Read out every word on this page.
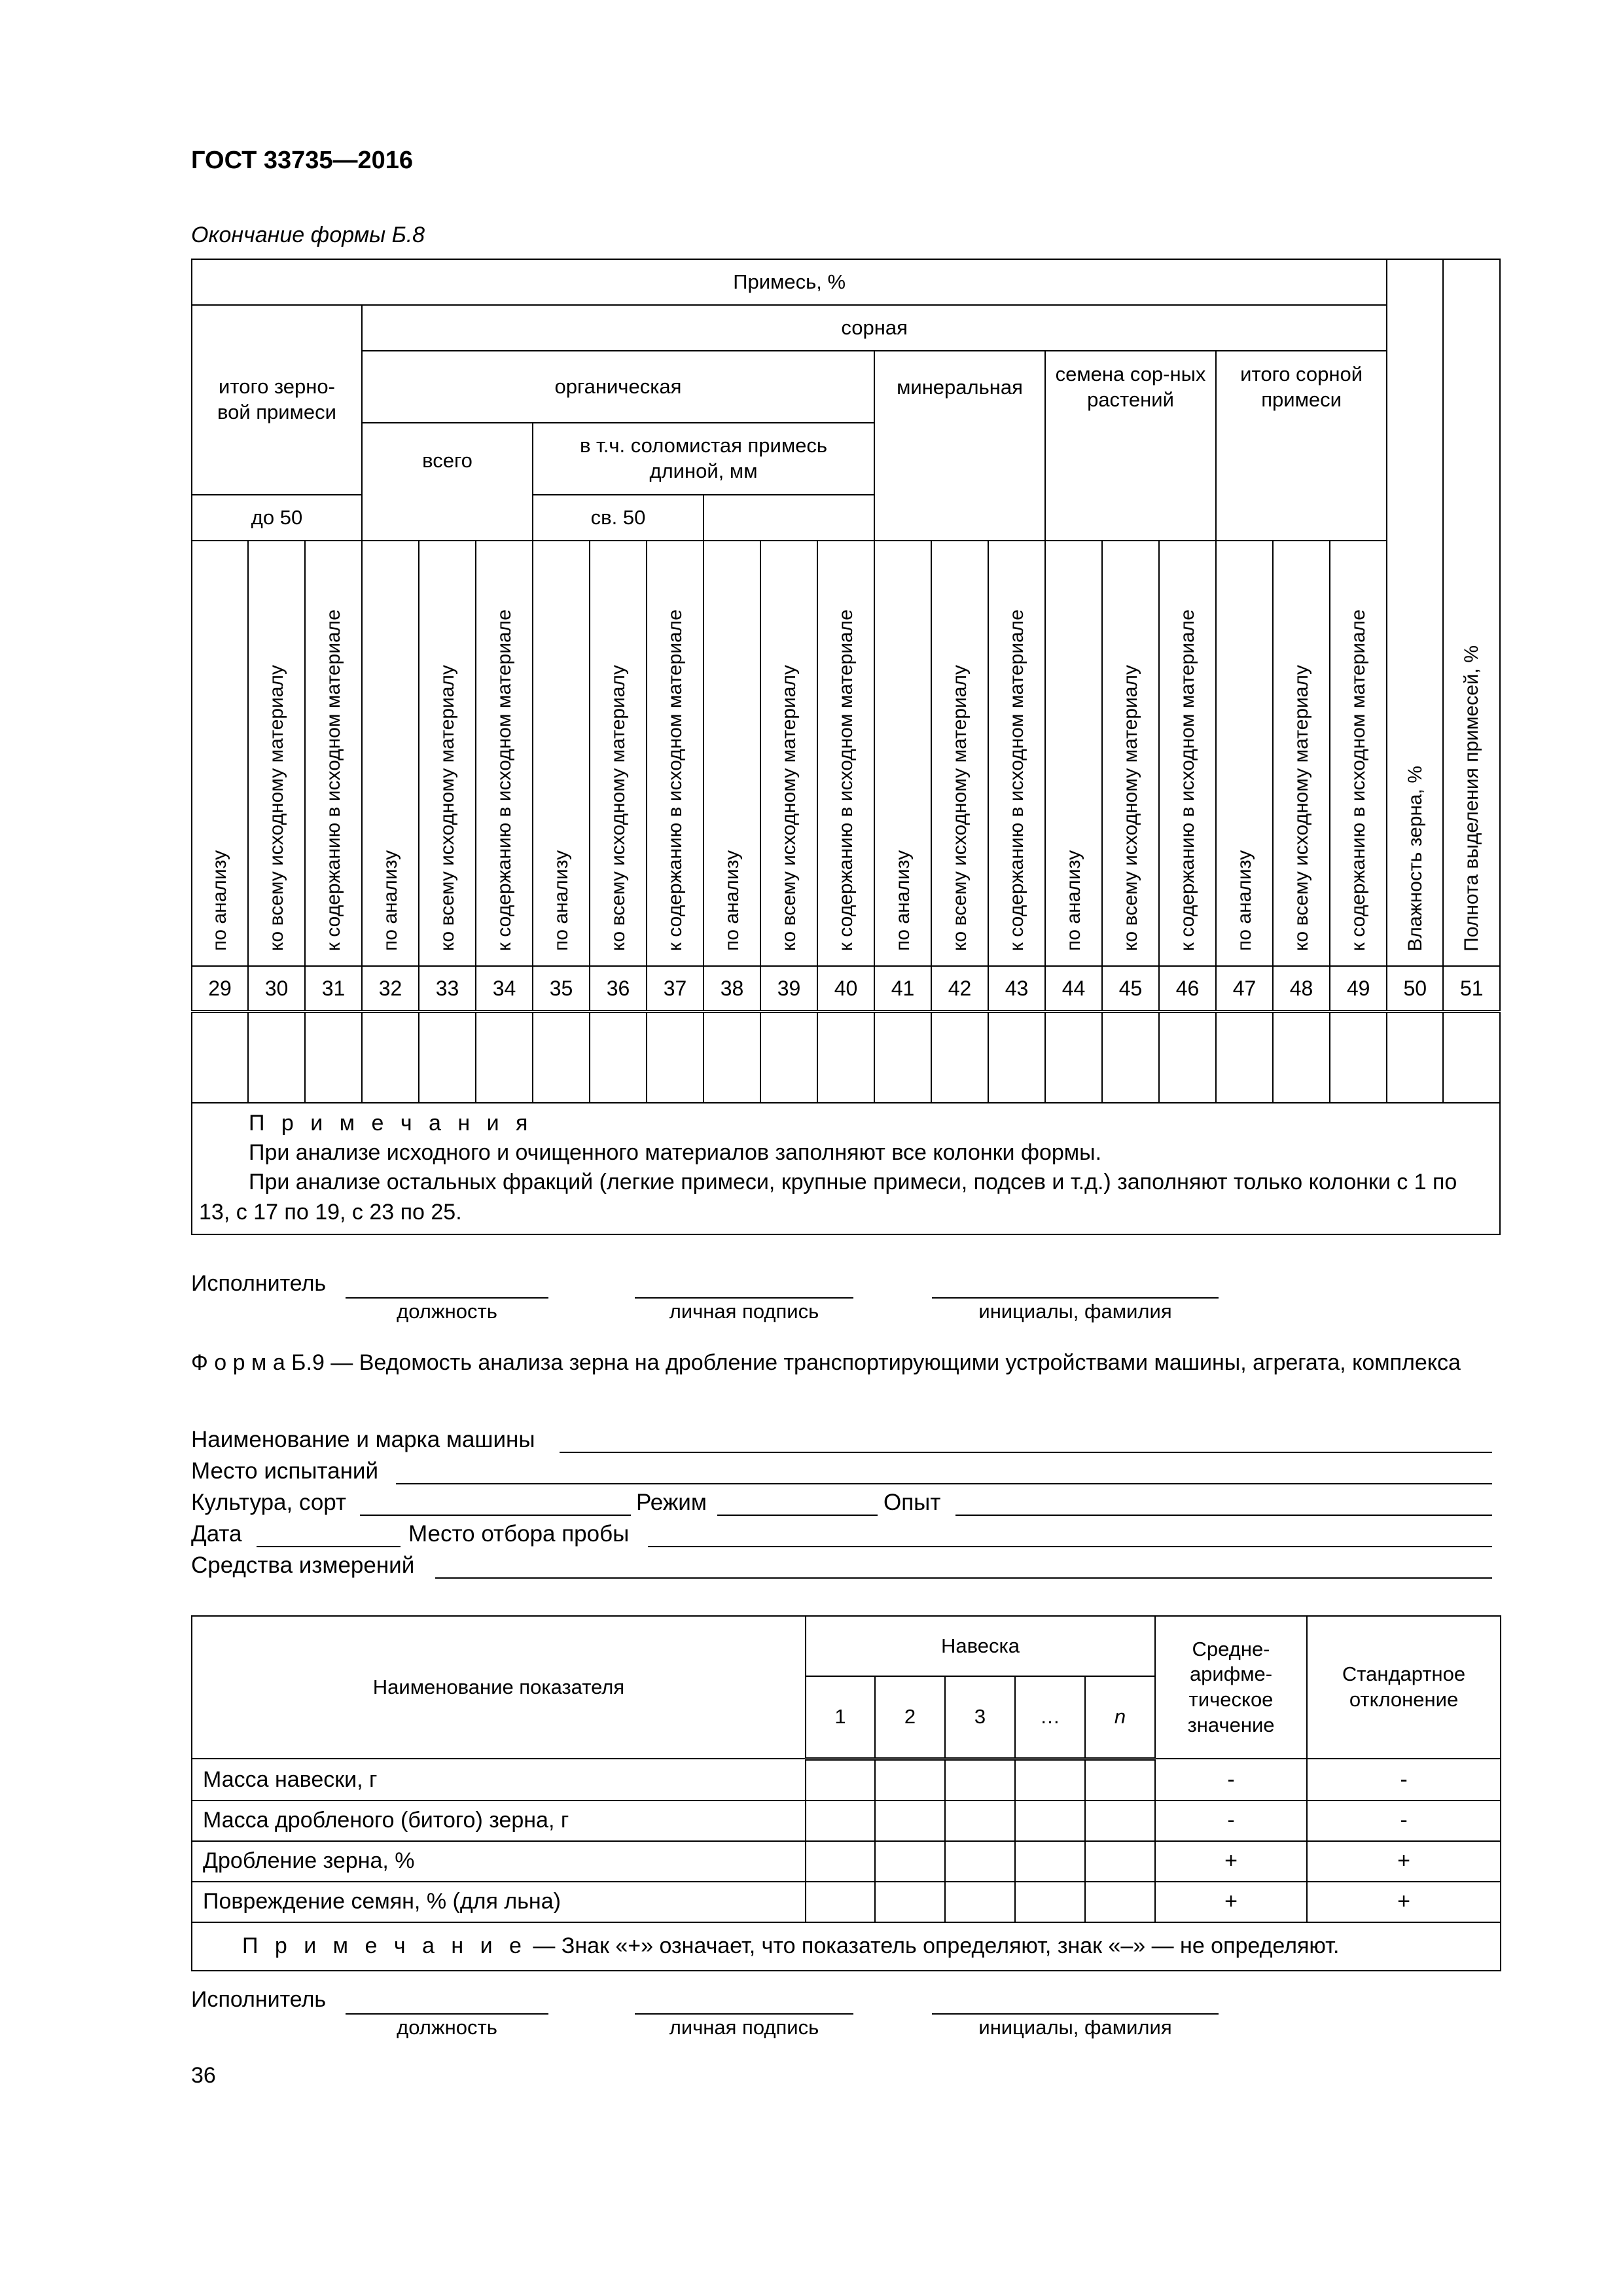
ГОСТ 33735—2016
Окончание формы Б.8
Примесь, %																					Влажность зерна, %	Полнота выделения примесей, %

итого зерно-вой примеси			сорная																			
			органическая									минеральная			семена сор-ных растений			итого сорной примеси				

			всего			в т.ч. соломистая примесь длиной, мм																
до 50						св. 50																
по анализу	ко всему исходному материалу	к содержанию в исходном материале	по анализу	ко всему исходному материалу	к содержанию в исходном материале	по анализу	ко всему исходному материалу	к содержанию в исходном материале	по анализу	ко всему исходному материалу	к содержанию в исходном материале	по анализу	ко всему исходному материалу	к содержанию в исходном материале	по анализу	ко всему исходному материалу	к содержанию в исходном материале	по анализу	ко всему исходному материалу	к содержанию в исходном материале		
29	30	31	32	33	34	35	36	37	38	39	40	41	42	43	44	45	46	47	48	49	50	51

П р и м е ч а н и я
При анализе исходного и очищенного материалов заполняют все колонки формы.
При анализе остальных фракций (легкие примеси, крупные примеси, подсев и т.д.) заполняют только колонки с 1 по 13, с 17 по 19, с 23 по 25.																						
Исполнитель
должность	личная подпись	инициалы, фамилия
Ф о р м а Б.9 — Ведомость анализа зерна на дробление транспортирующими устройствами машины, агрегата, комплекса
Наименование и марка машины
Место испытаний
Культура, сорт	Режим	Опыт
Дата	Место отбора пробы
Средства измерений
Наименование показателя	Навеска					Средне-арифме-тическое значение	Стандартное отклонение

	1	2	3	…	n		
Масса навески, г						-	-
Масса дробленого (битого) зерна, г						-	-
Дробление зерна, %						+	+
Повреждение семян, % (для льна)						+	+
П р и м е ч а н и е — Знак «+» означает, что показатель определяют, знак «–» — не определяют.							
Исполнитель
должность	личная подпись	инициалы, фамилия
36
